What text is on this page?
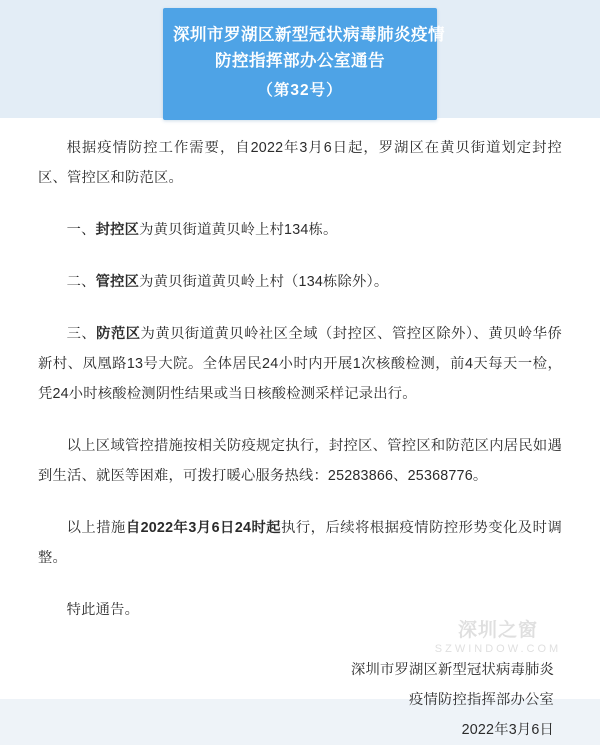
深圳市罗湖区新型冠状病毒肺炎疫情
防控指挥部办公室通告
（第32号）

根据疫情防控工作需要，自2022年3月6日起，罗湖区在黄贝街道划定封控区、管控区和防范区。

一、封控区为黄贝街道黄贝岭上村134栋。

二、管控区为黄贝街道黄贝岭上村（134栋除外）。

三、防范区为黄贝街道黄贝岭社区全域（封控区、管控区除外）、黄贝岭华侨新村、凤凰路13号大院。全体居民24小时内开展1次核酸检测，前4天每天一检，凭24小时核酸检测阴性结果或当日核酸检测采样记录出行。

以上区域管控措施按相关防疫规定执行，封控区、管控区和防范区内居民如遇到生活、就医等困难，可拨打暖心服务热线：25283866、25368776。

以上措施自2022年3月6日24时起执行，后续将根据疫情防控形势变化及时调整。

特此通告。

深圳市罗湖区新型冠状病毒肺炎
疫情防控指挥部办公室
2022年3月6日
深圳之窗
SZWINDOW.COM
